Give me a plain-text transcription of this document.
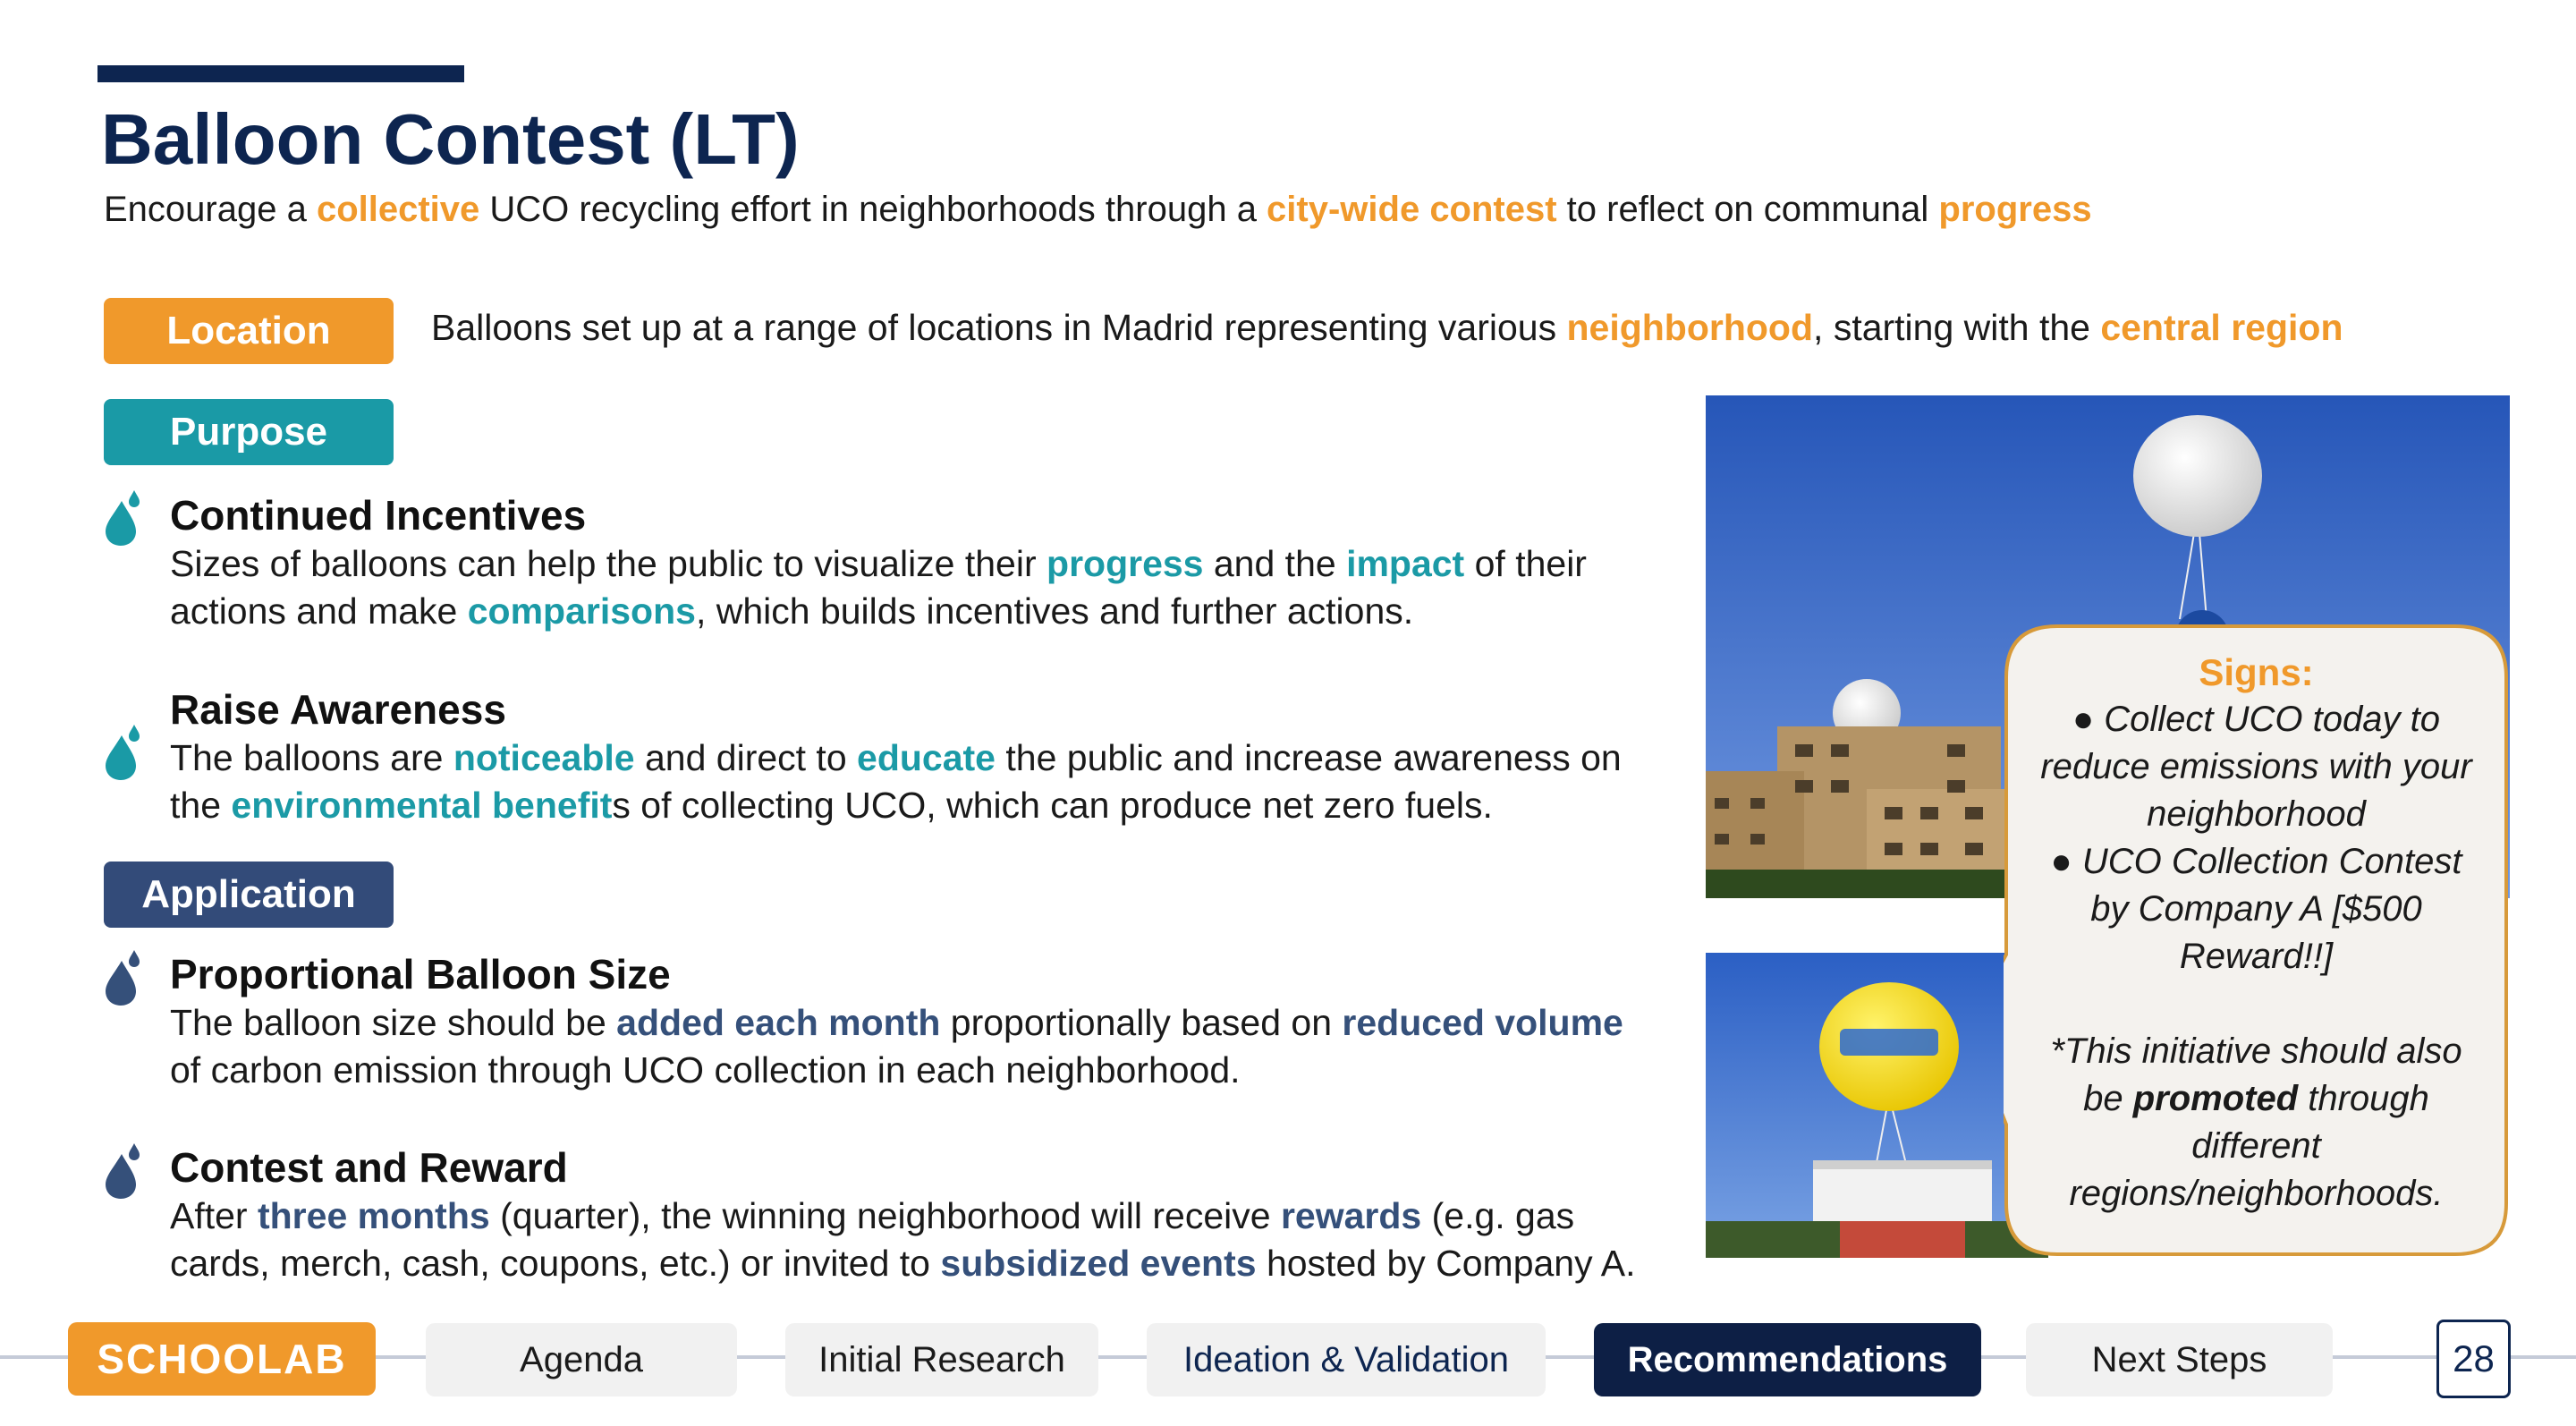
Balloon Contest (LT)
Encourage a collective UCO recycling effort in neighborhoods through a city-wide contest to reflect on communal progress
Location	Balloons set up at a range of locations in Madrid representing various neighborhood, starting with the central region
Purpose
Continued Incentives
Sizes of balloons can help the public to visualize their progress and the impact of their actions and make comparisons, which builds incentives and further actions.
Raise Awareness
The balloons are noticeable and direct to educate the public and increase awareness on the environmental benefits of collecting UCO, which can produce net zero fuels.
Application
Proportional Balloon Size
The balloon size should be added each month proportionally based on reduced volume of carbon emission through UCO collection in each neighborhood.
Contest and Reward
After three months (quarter), the winning neighborhood will receive rewards (e.g. gas cards, merch, cash, coupons, etc.) or invited to subsidized events hosted by Company A.
Signs:
● Collect UCO today to reduce emissions with your neighborhood
● UCO Collection Contest by Company A [$500 Reward!!]
*This initiative should also be promoted through different regions/neighborhoods.
SCHOOLAB	Agenda	Initial Research	Ideation & Validation	Recommendations	Next Steps	28
